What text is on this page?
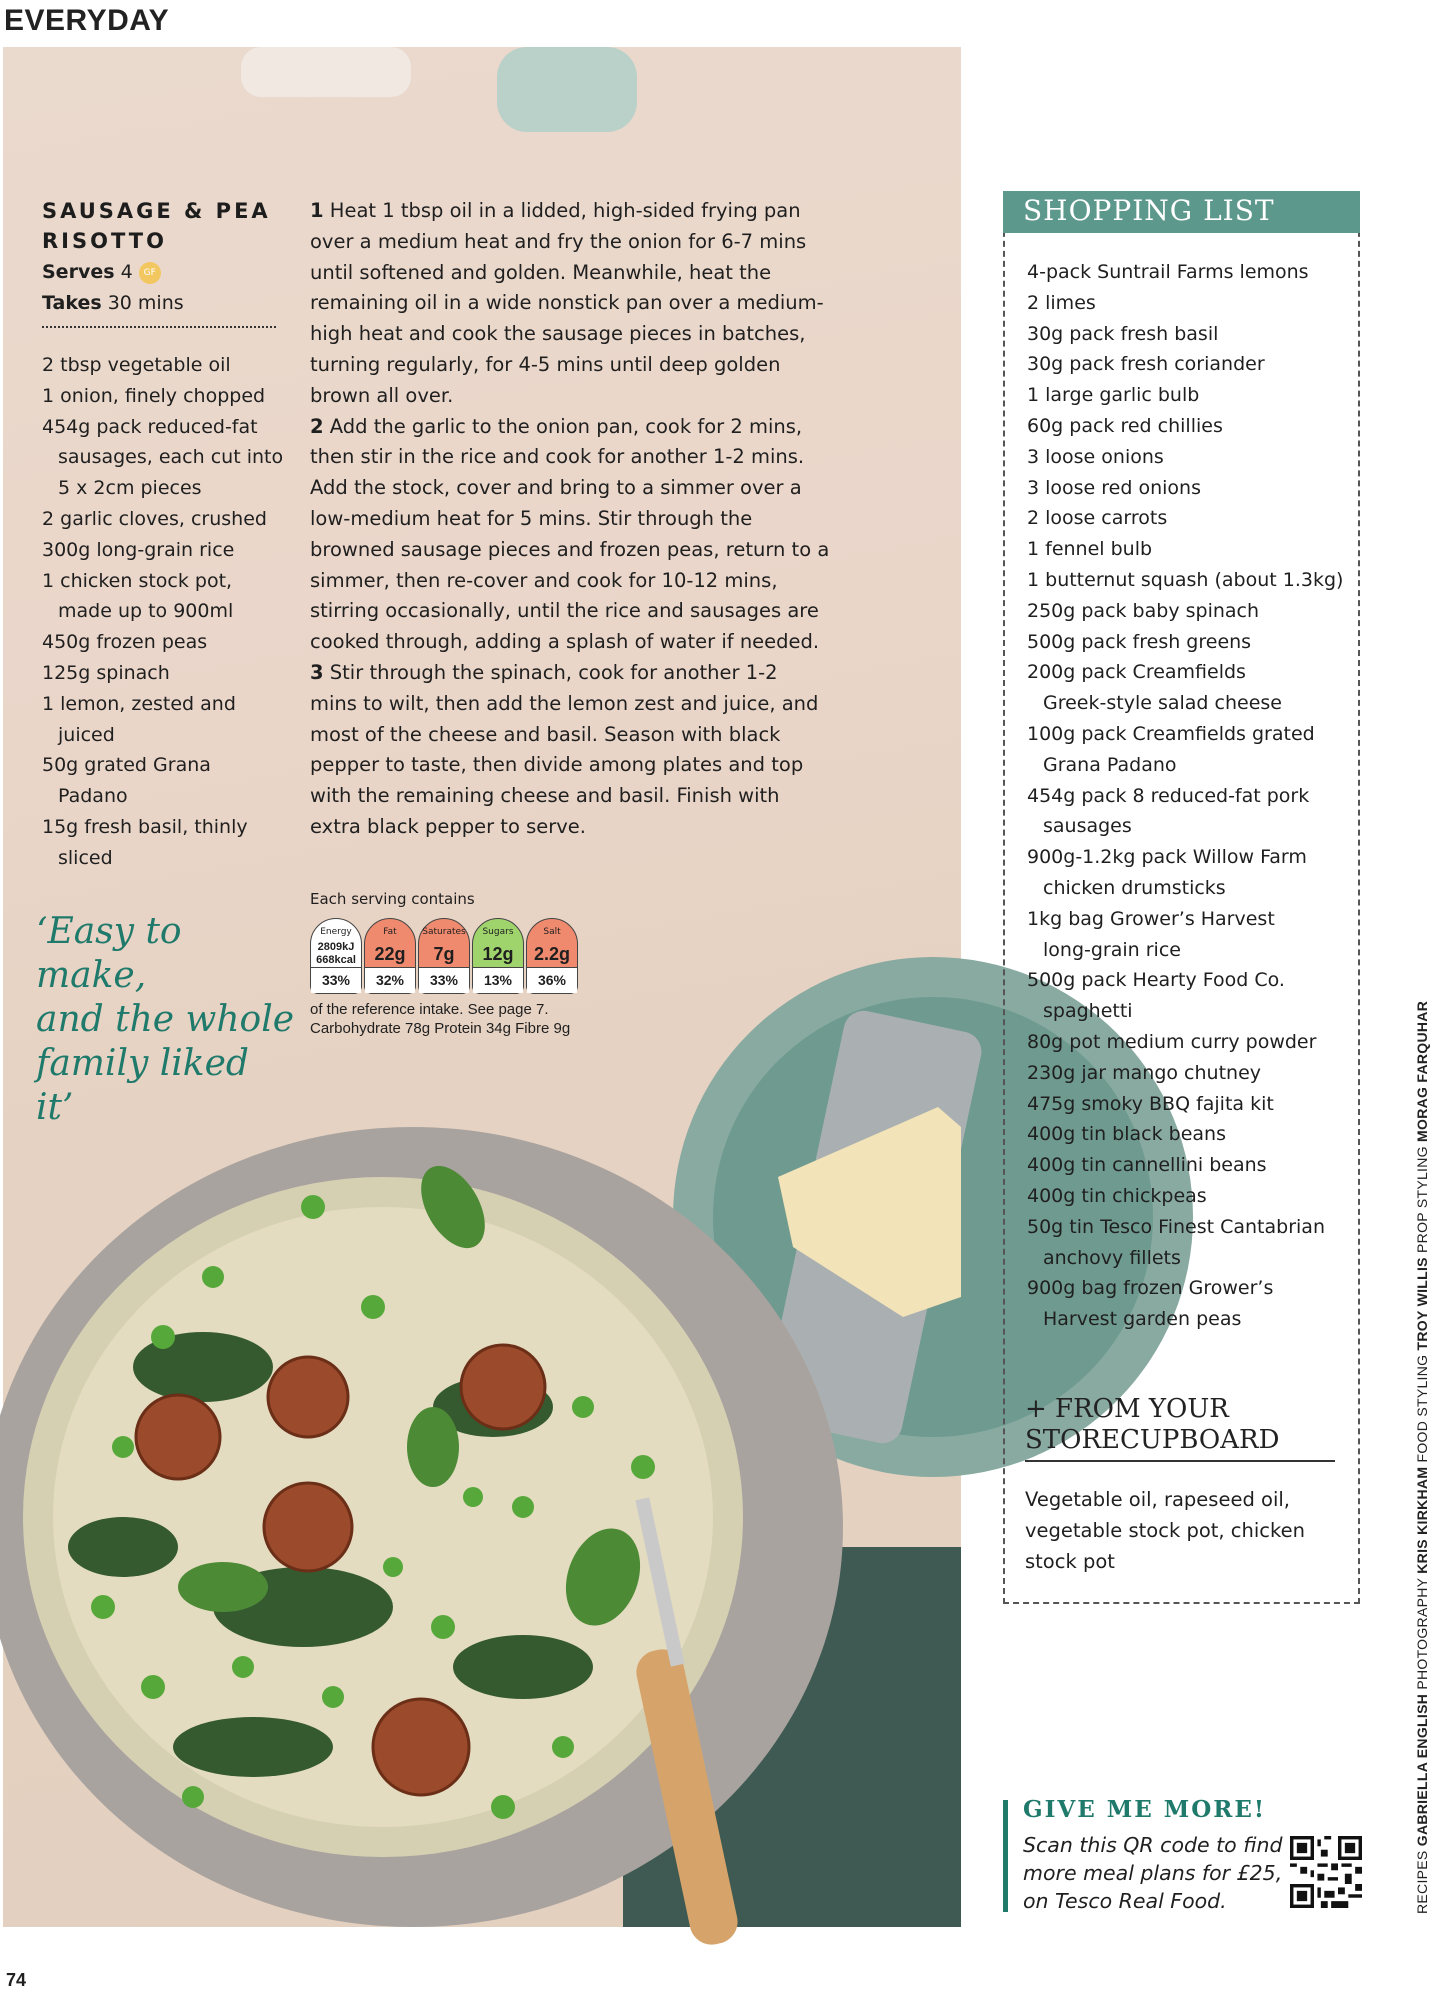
EVERYDAY
SAUSAGE & PEA
RISOTTO
Serves 4 GF
Takes 30 mins
2 tbsp vegetable oil
1 onion, finely chopped
454g pack reduced-fat
sausages, each cut into
5 x 2cm pieces
2 garlic cloves, crushed
300g long-grain rice
1 chicken stock pot,
made up to 900ml
450g frozen peas
125g spinach
1 lemon, zested and
juiced
50g grated Grana
Padano
15g fresh basil, thinly
sliced

1 Heat 1 tbsp oil in a lidded, high-sided frying pan over a medium heat and fry the onion for 6-7 mins until softened and golden. Meanwhile, heat the remaining oil in a wide nonstick pan over a medium-high heat and cook the sausage pieces in batches, turning regularly, for 4-5 mins until deep golden brown all over.

2 Add the garlic to the onion pan, cook for 2 mins, then stir in the rice and cook for another 1-2 mins. Add the stock, cover and bring to a simmer over a low-medium heat for 5 mins. Stir through the browned sausage pieces and frozen peas, return to a simmer, then re-cover and cook for 10-12 mins, stirring occasionally, until the rice and sausages are cooked through, adding a splash of water if needed.

3 Stir through the spinach, cook for another 1-2 mins to wilt, then add the lemon zest and juice, and most of the cheese and basil. Season with black pepper to taste, then divide among plates and top with the remaining cheese and basil. Finish with extra black pepper to serve.

‘Easy to make,
and the whole
family liked it’
Each serving contains
Energy
2809kJ
668kcal
33%
Fat
22g
32%
Saturates
7g
33%
Sugars
12g
13%
Salt
2.2g
36%
of the reference intake. See page 7.
Carbohydrate 78g Protein 34g Fibre 9g
SHOPPING LIST
4-pack Suntrail Farms lemons
2 limes
30g pack fresh basil
30g pack fresh coriander
1 large garlic bulb
60g pack red chillies
3 loose onions
3 loose red onions
2 loose carrots
1 fennel bulb
1 butternut squash (about 1.3kg)
250g pack baby spinach
500g pack fresh greens
200g pack Creamfields
Greek-style salad cheese
100g pack Creamfields grated
Grana Padano
454g pack 8 reduced-fat pork
sausages
900g-1.2kg pack Willow Farm
chicken drumsticks
1kg bag Grower’s Harvest
long-grain rice
500g pack Hearty Food Co.
spaghetti
80g pot medium curry powder
230g jar mango chutney
475g smoky BBQ fajita kit
400g tin black beans
400g tin cannellini beans
400g tin chickpeas
50g tin Tesco Finest Cantabrian
anchovy fillets
900g bag frozen Grower’s
Harvest garden peas
+ FROM YOUR
STORECUPBOARD
Vegetable oil, rapeseed oil, vegetable stock pot, chicken stock pot
GIVE ME MORE!
Scan this QR code to find more meal plans for £25, on Tesco Real Food.	RECIPES GABRIELLA ENGLISH PHOTOGRAPHY KRIS KIRKHAM FOOD STYLING TROY WILLIS PROP STYLING MORAG FARQUHAR
74
